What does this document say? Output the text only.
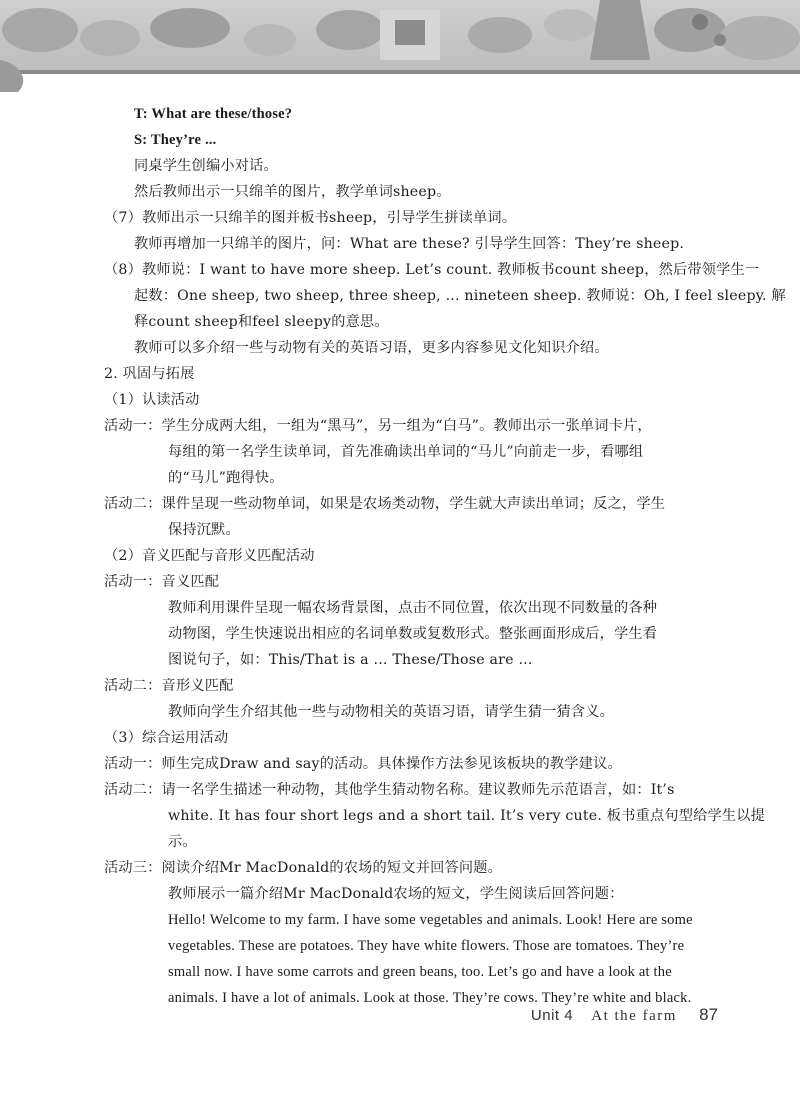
T: What are these/those?
S: They’re ...
同桌学生创编小对话。
然后教师出示一只绵羊的图片，教学单词sheep。
（7）教师出示一只绵羊的图并板书sheep，引导学生拼读单词。
教师再增加一只绵羊的图片，问：What are these? 引导学生回答：They’re sheep.
（8）教师说：I want to have more sheep. Let’s count. 教师板书count sheep，然后带领学生一
起数：One sheep, two sheep, three sheep, ... nineteen sheep. 教师说：Oh, I feel sleepy. 解
释count sheep和feel sleepy的意思。
教师可以多介绍一些与动物有关的英语习语，更多内容参见文化知识介绍。
2. 巩固与拓展
（1）认读活动
活动一：学生分成两大组，一组为“黑马”，另一组为“白马”。教师出示一张单词卡片，
每组的第一名学生读单词，首先准确读出单词的“马儿”向前走一步，看哪组
的“马儿”跑得快。
活动二：课件呈现一些动物单词，如果是农场类动物，学生就大声读出单词；反之，学生
保持沉默。
（2）音义匹配与音形义匹配活动
活动一：音义匹配
教师利用课件呈现一幅农场背景图，点击不同位置，依次出现不同数量的各种
动物图，学生快速说出相应的名词单数或复数形式。整张画面形成后，学生看
图说句子，如：This/That is a ... These/Those are ...
活动二：音形义匹配
教师向学生介绍其他一些与动物相关的英语习语，请学生猜一猜含义。
（3）综合运用活动
活动一：师生完成Draw and say的活动。具体操作方法参见该板块的教学建议。
活动二：请一名学生描述一种动物，其他学生猜动物名称。建议教师先示范语言，如：It’s
white. It has four short legs and a short tail. It’s very cute. 板书重点句型给学生以提
示。
活动三：阅读介绍Mr MacDonald的农场的短文并回答问题。
教师展示一篇介绍Mr MacDonald农场的短文，学生阅读后回答问题：
Hello! Welcome to my farm. I have some vegetables and animals. Look! Here are some
vegetables. These are potatoes. They have white flowers. Those are tomatoes. They’re
small now. I have some carrots and green beans, too. Let’s go and have a look at the
animals. I have a lot of animals. Look at those. They’re cows. They’re white and black.
Unit 4 At the farm 87
